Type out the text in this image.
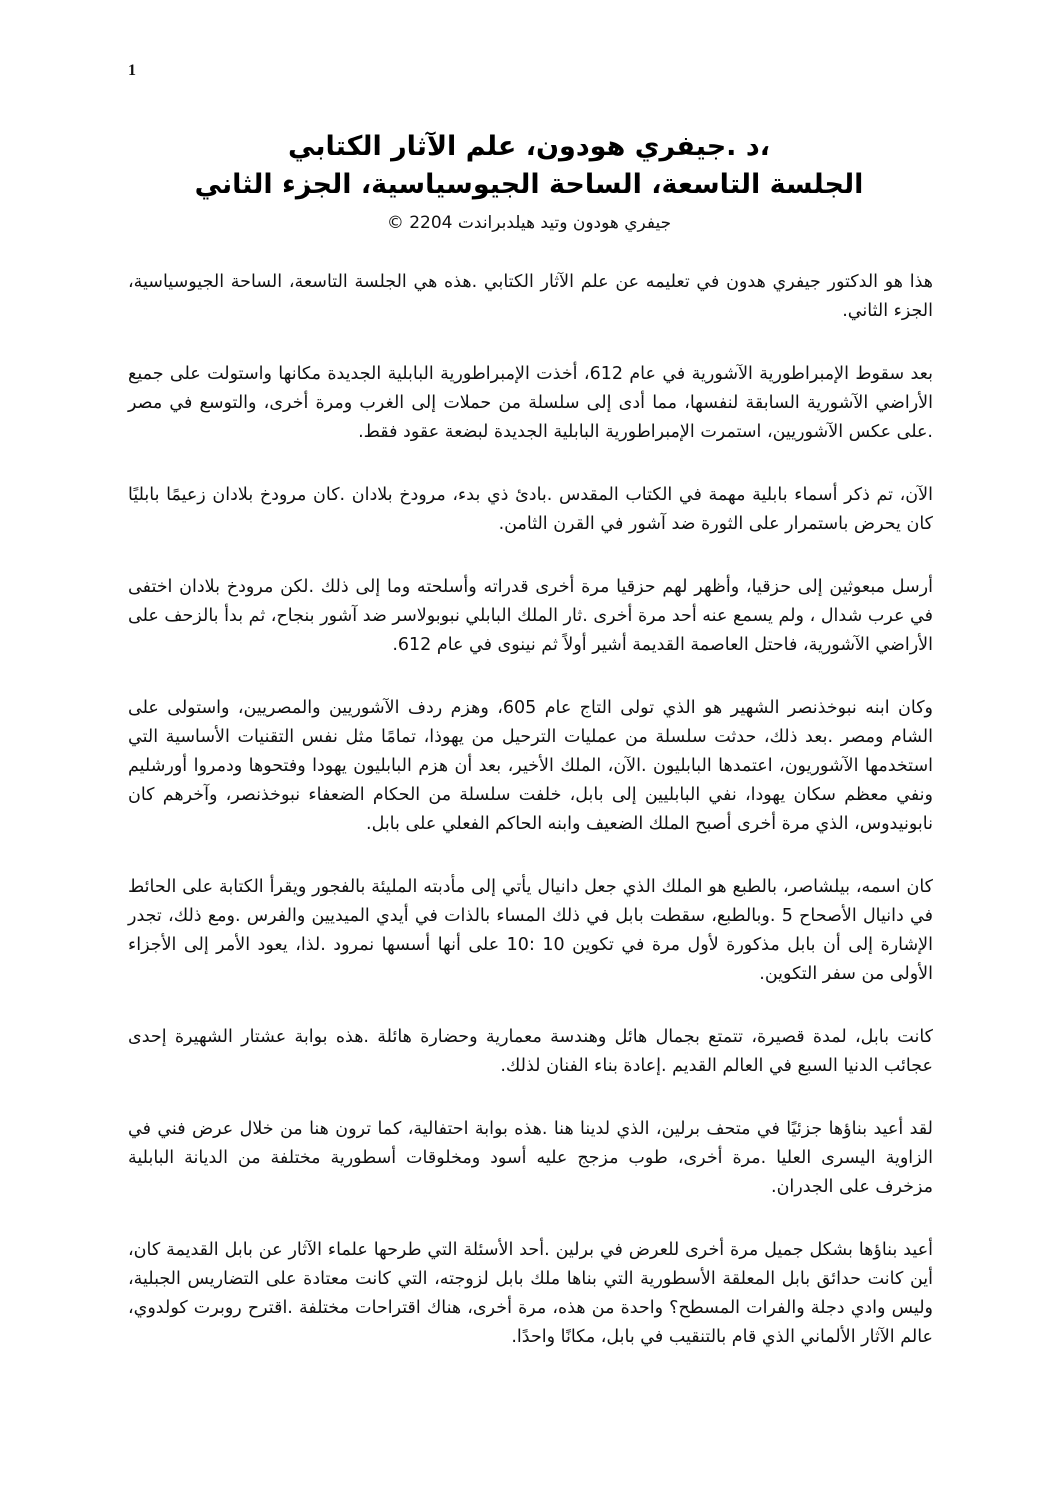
1
،د .جيفري هودون، علم الآثار الكتابي
الجلسة التاسعة، الساحة الجيوسياسية، الجزء الثاني
جيفري هودون وتيد هيلدبراندت 2204 ©

هذا هو الدكتور جيفري هدون في تعليمه عن علم الآثار الكتابي .هذه هي الجلسة التاسعة، الساحة الجيوسياسية، الجزء الثاني.

بعد سقوط الإمبراطورية الآشورية في عام 612، أخذت الإمبراطورية البابلية الجديدة مكانها واستولت على جميع الأراضي الآشورية السابقة لنفسها، مما أدى إلى سلسلة من حملات إلى الغرب ومرة أخرى، والتوسع في مصر .على عكس الآشوريين، استمرت الإمبراطورية البابلية الجديدة لبضعة عقود فقط.

الآن، تم ذكر أسماء بابلية مهمة في الكتاب المقدس .بادئ ذي بدء، مرودخ بلادان .كان مرودخ بلادان زعيمًا بابليًا كان يحرض باستمرار على الثورة ضد آشور في القرن الثامن.

أرسل مبعوثين إلى حزقيا، وأظهر لهم حزقيا مرة أخرى قدراته وأسلحته وما إلى ذلك .لكن مرودخ بلادان اختفى في عرب شدال ، ولم يسمع عنه أحد مرة أخرى .ثار الملك البابلي نبوبولاسر ضد آشور بنجاح، ثم بدأ بالزحف على الأراضي الآشورية، فاحتل العاصمة القديمة أشير أولاً ثم نينوى في عام 612.

وكان ابنه نبوخذنصر الشهير هو الذي تولى التاج عام 605، وهزم ردف الآشوريين والمصريين، واستولى على الشام ومصر .بعد ذلك، حدثت سلسلة من عمليات الترحيل من يهوذا، تمامًا مثل نفس التقنيات الأساسية التي استخدمها الآشوريون، اعتمدها البابليون .الآن، الملك الأخير، بعد أن هزم البابليون يهودا وفتحوها ودمروا أورشليم ونفي معظم سكان يهودا، نفي البابليين إلى بابل، خلفت سلسلة من الحكام الضعفاء نبوخذنصر، وآخرهم كان نابونيدوس، الذي مرة أخرى أصبح الملك الضعيف وابنه الحاكم الفعلي على بابل.

كان اسمه، بيلشاصر، بالطبع هو الملك الذي جعل دانيال يأتي إلى مأدبته المليئة بالفجور ويقرأ الكتابة على الحائط في دانيال الأصحاح 5 .وبالطبع، سقطت بابل في ذلك المساء بالذات في أيدي الميديين والفرس .ومع ذلك، تجدر الإشارة إلى أن بابل مذكورة لأول مرة في تكوين 10 :10 على أنها أسسها نمرود .لذا، يعود الأمر إلى الأجزاء الأولى من سفر التكوين.

كانت بابل، لمدة قصيرة، تتمتع بجمال هائل وهندسة معمارية وحضارة هائلة .هذه بوابة عشتار الشهيرة إحدى عجائب الدنيا السبع في العالم القديم .إعادة بناء الفنان لذلك.

لقد أعيد بناؤها جزئيًا في متحف برلين، الذي لدينا هنا .هذه بوابة احتفالية، كما ترون هنا من خلال عرض فني في الزاوية اليسرى العليا .مرة أخرى، طوب مزجج عليه أسود ومخلوقات أسطورية مختلفة من الديانة البابلية مزخرف على الجدران.

أعيد بناؤها بشكل جميل مرة أخرى للعرض في برلين .أحد الأسئلة التي طرحها علماء الآثار عن بابل القديمة كان، أين كانت حدائق بابل المعلقة الأسطورية التي بناها ملك بابل لزوجته، التي كانت معتادة على التضاريس الجبلية، وليس وادي دجلة والفرات المسطح؟ واحدة من هذه، مرة أخرى، هناك اقتراحات مختلفة .اقترح روبرت كولدوي، عالم الآثار الألماني الذي قام بالتنقيب في بابل، مكانًا واحدًا.
